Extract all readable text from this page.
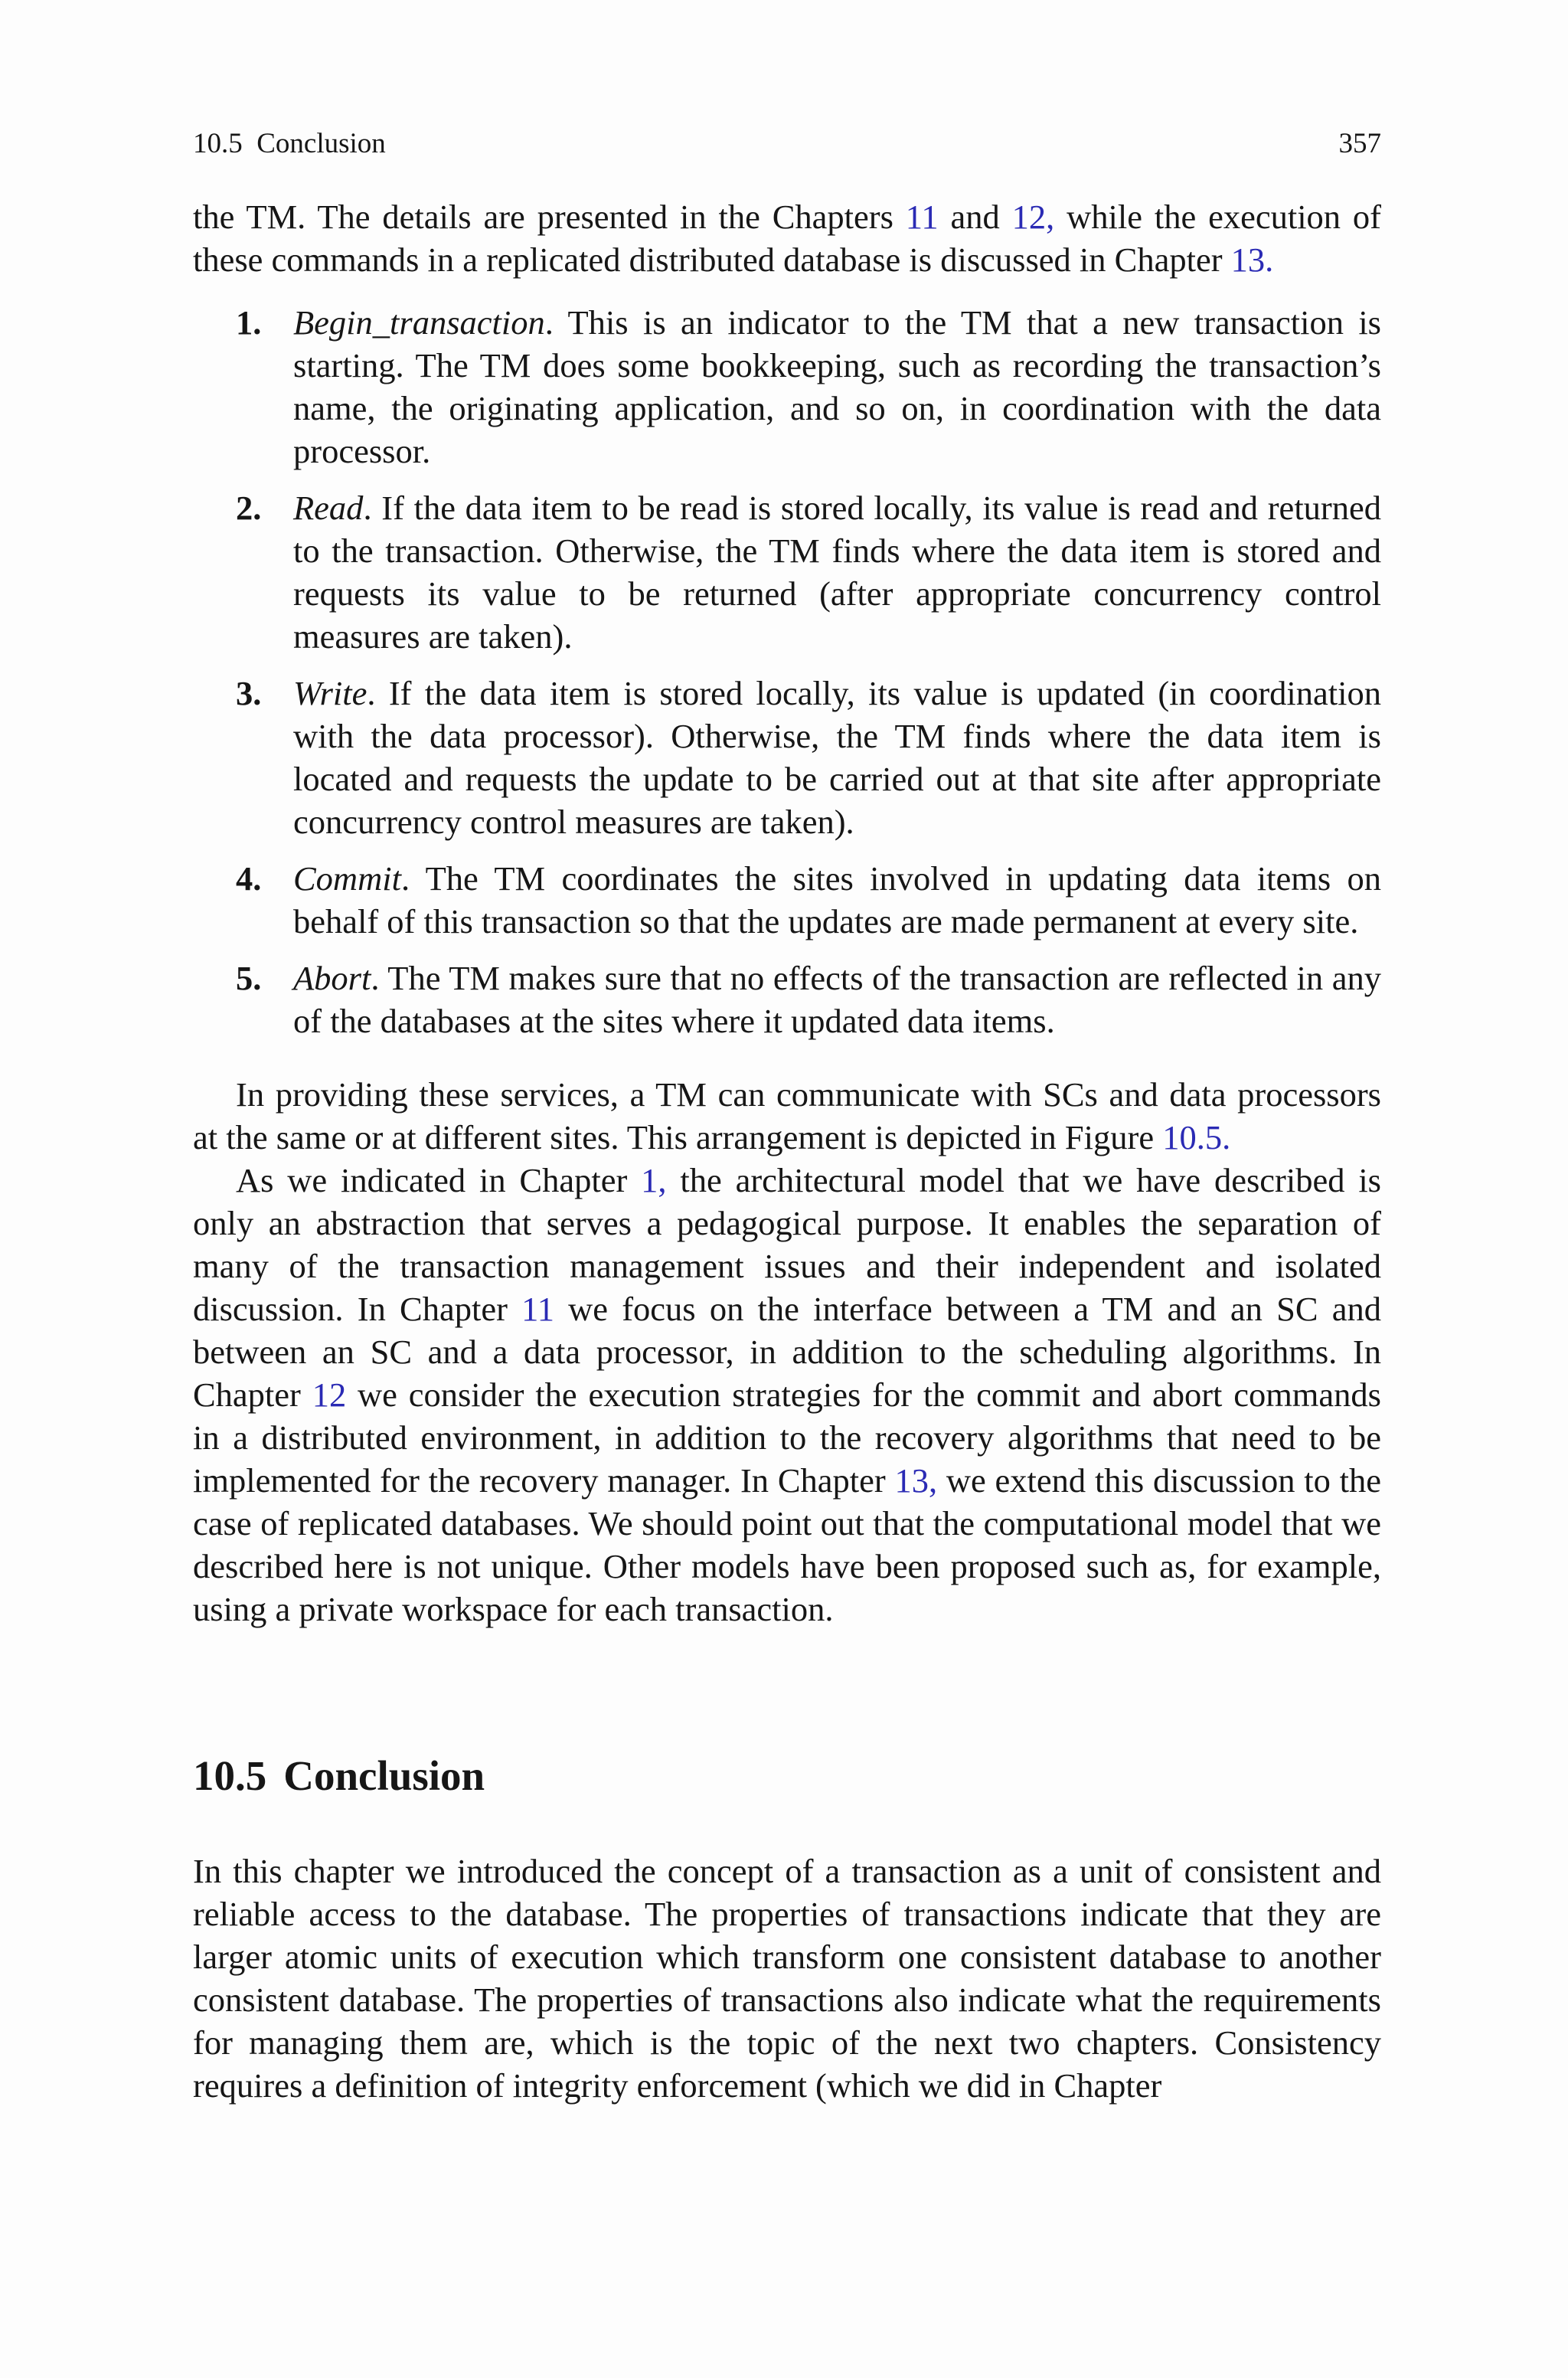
10.5  Conclusion	357

the TM. The details are presented in the Chapters 11 and 12, while the execution of these commands in a replicated distributed database is discussed in Chapter 13.

1. Begin_transaction. This is an indicator to the TM that a new transaction is starting. The TM does some bookkeeping, such as recording the transaction’s name, the originating application, and so on, in coordination with the data processor.
2. Read. If the data item to be read is stored locally, its value is read and returned to the transaction. Otherwise, the TM finds where the data item is stored and requests its value to be returned (after appropriate concurrency control measures are taken).
3. Write. If the data item is stored locally, its value is updated (in coordination with the data processor). Otherwise, the TM finds where the data item is located and requests the update to be carried out at that site after appropriate concurrency control measures are taken).
4. Commit. The TM coordinates the sites involved in updating data items on behalf of this transaction so that the updates are made permanent at every site.
5. Abort. The TM makes sure that no effects of the transaction are reflected in any of the databases at the sites where it updated data items.

In providing these services, a TM can communicate with SCs and data processors at the same or at different sites. This arrangement is depicted in Figure 10.5.

As we indicated in Chapter 1, the architectural model that we have described is only an abstraction that serves a pedagogical purpose. It enables the separation of many of the transaction management issues and their independent and isolated discussion. In Chapter 11 we focus on the interface between a TM and an SC and between an SC and a data processor, in addition to the scheduling algorithms. In Chapter 12 we consider the execution strategies for the commit and abort commands in a distributed environment, in addition to the recovery algorithms that need to be implemented for the recovery manager. In Chapter 13, we extend this discussion to the case of replicated databases. We should point out that the computational model that we described here is not unique. Other models have been proposed such as, for example, using a private workspace for each transaction.

10.5 Conclusion

In this chapter we introduced the concept of a transaction as a unit of consistent and reliable access to the database. The properties of transactions indicate that they are larger atomic units of execution which transform one consistent database to another consistent database. The properties of transactions also indicate what the requirements for managing them are, which is the topic of the next two chapters. Consistency requires a definition of integrity enforcement (which we did in Chapter
